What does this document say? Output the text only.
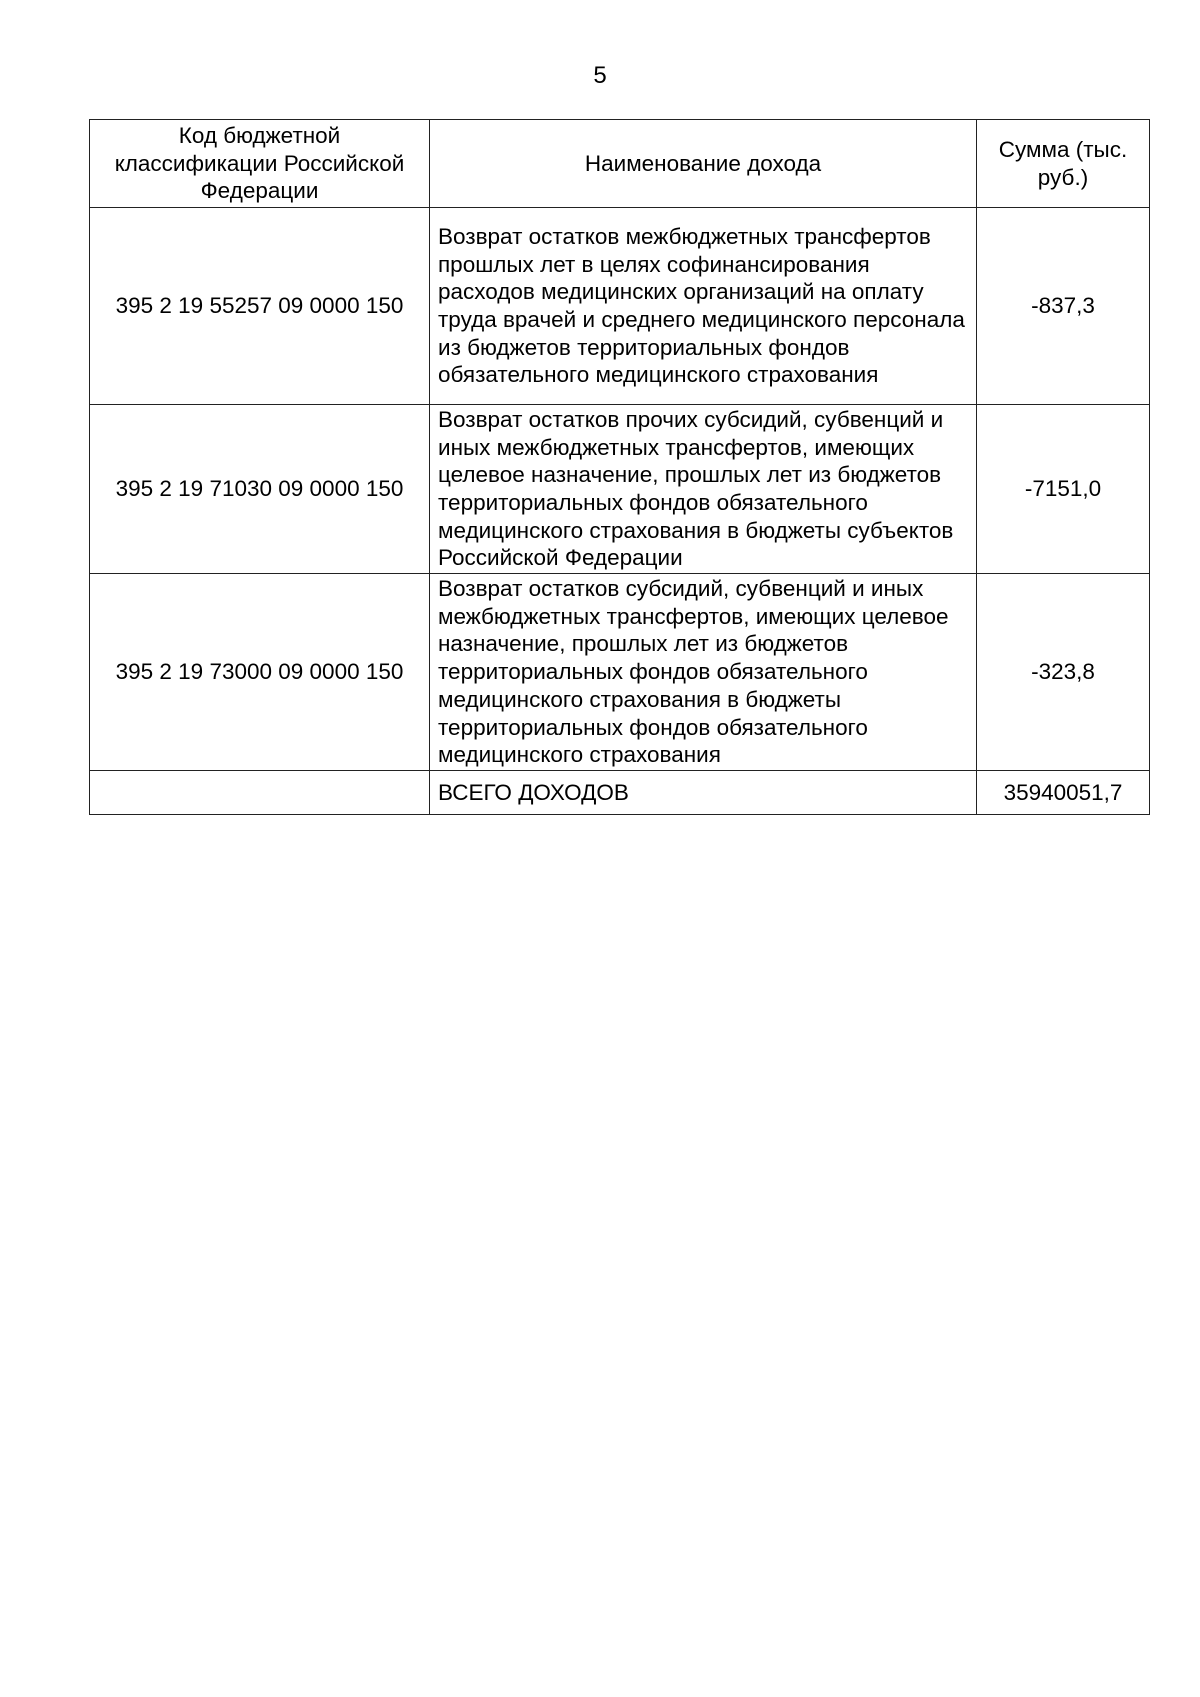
5
Код бюджетной классификации Российской Федерации	Наименование дохода	Сумма (тыс. руб.)
395 2 19 55257 09 0000 150	Возврат остатков межбюджетных трансфертов прошлых лет в целях софинансирования расходов медицинских организаций на оплату труда врачей и среднего медицинского персонала из бюджетов территориальных фондов обязательного медицинского страхования	-837,3
395 2 19 71030 09 0000 150	Возврат остатков прочих субсидий, субвенций и иных межбюджетных трансфертов, имеющих целевое назначение, прошлых лет из бюджетов территориальных фондов обязательного медицинского страхования в бюджеты субъектов Российской Федерации	-7151,0
395 2 19 73000 09 0000 150	Возврат остатков субсидий, субвенций и иных межбюджетных трансфертов, имеющих целевое назначение, прошлых лет из бюджетов территориальных фондов обязательного медицинского страхования в бюджеты территориальных фондов обязательного медицинского страхования	-323,8
	ВСЕГО ДОХОДОВ	35940051,7
